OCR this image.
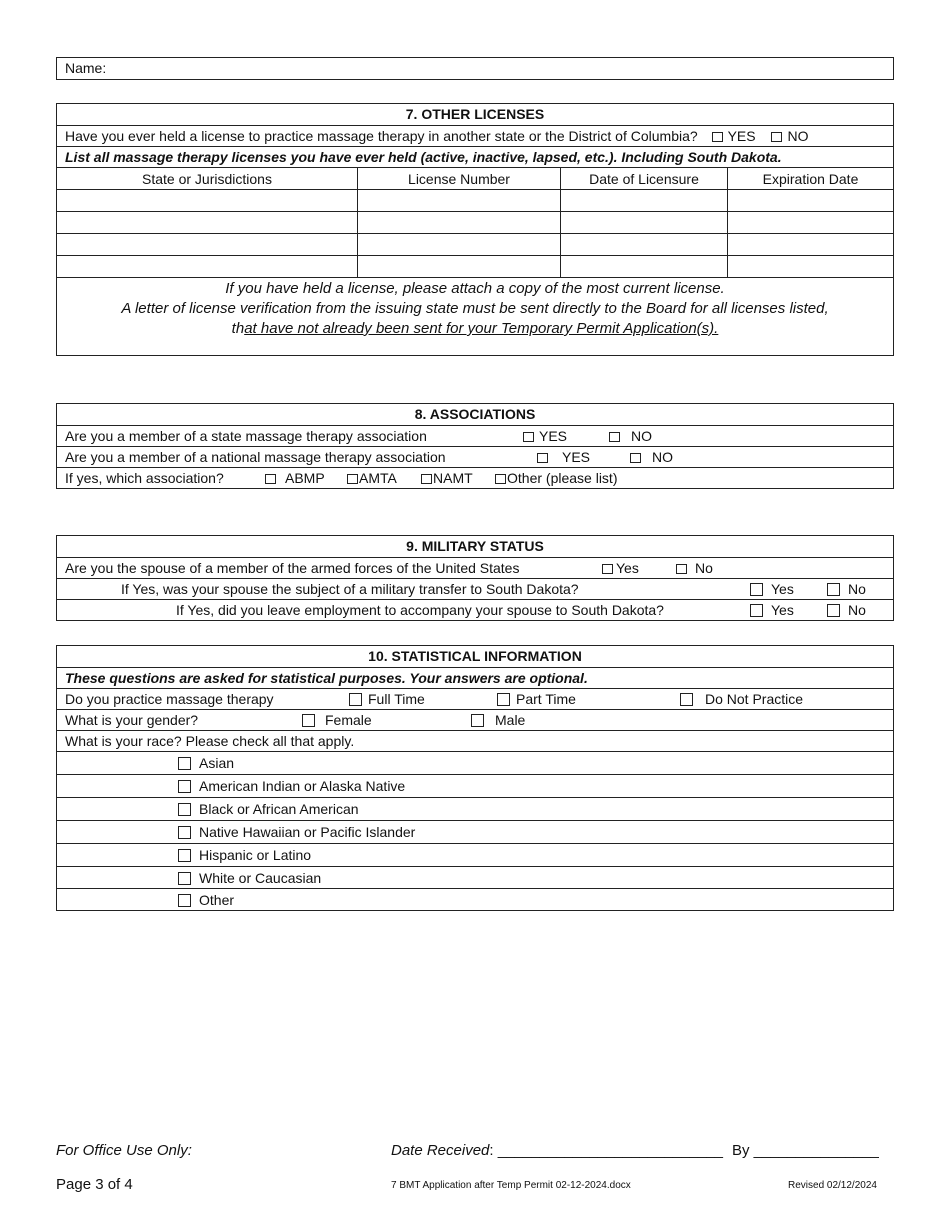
Name:
7. OTHER LICENSES
Have you ever held a license to practice massage therapy in another state or the District of Columbia? YES NO
List all massage therapy licenses you have ever held (active, inactive, lapsed, etc.). Including South Dakota.
State or Jurisdictions	License Number	Date of Licensure	Expiration Date
If you have held a license, please attach a copy of the most current license.
A letter of license verification from the issuing state must be sent directly to the Board for all licenses listed,
that have not already been sent for your Temporary Permit Application(s).
8. ASSOCIATIONS
Are you a member of a state massage therapy association	YES	NO
Are you a member of a national massage therapy association	YES	NO
If yes, which association?	ABMP	AMTA	NAMT	Other (please list)
9. MILITARY STATUS
Are you the spouse of a member of the armed forces of the United States	Yes	No
If Yes, was your spouse the subject of a military transfer to South Dakota?	Yes	No
If Yes, did you leave employment to accompany your spouse to South Dakota?	Yes	No
10. STATISTICAL INFORMATION
These questions are asked for statistical purposes. Your answers are optional.
Do you practice massage therapy	Full Time	Part Time	Do Not Practice
What is your gender?	Female	Male
What is your race? Please check all that apply.
Asian
American Indian or Alaska Native
Black or African American
Native Hawaiian or Pacific Islander
Hispanic or Latino
White or Caucasian
Other
For Office Use Only:	Date Received: ___________________________ By _______________
Page 3 of 4	7 BMT Application after Temp Permit 02-12-2024.docx	Revised 02/12/2024
